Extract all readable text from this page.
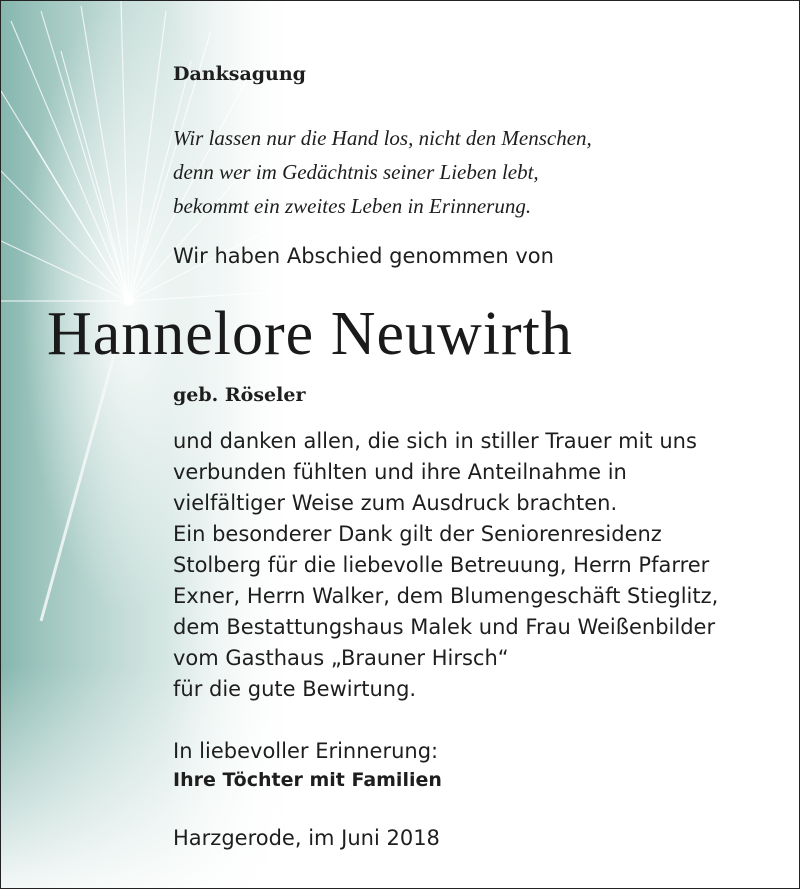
Danksagung
Wir lassen nur die Hand los, nicht den Menschen,
denn wer im Gedächtnis seiner Lieben lebt,
bekommt ein zweites Leben in Erinnerung.
Wir haben Abschied genommen von
Hannelore Neuwirth
geb. Röseler
und danken allen, die sich in stiller Trauer mit uns
verbunden fühlten und ihre Anteilnahme in
vielfältiger Weise zum Ausdruck brachten.
Ein besonderer Dank gilt der Seniorenresidenz
Stolberg für die liebevolle Betreuung, Herrn Pfarrer
Exner, Herrn Walker, dem Blumengeschäft Stieglitz,
dem Bestattungshaus Malek und Frau Weißenbilder
vom Gasthaus „Brauner Hirsch“
für die gute Bewirtung.
In liebevoller Erinnerung:
Ihre Töchter mit Familien
Harzgerode, im Juni 2018
